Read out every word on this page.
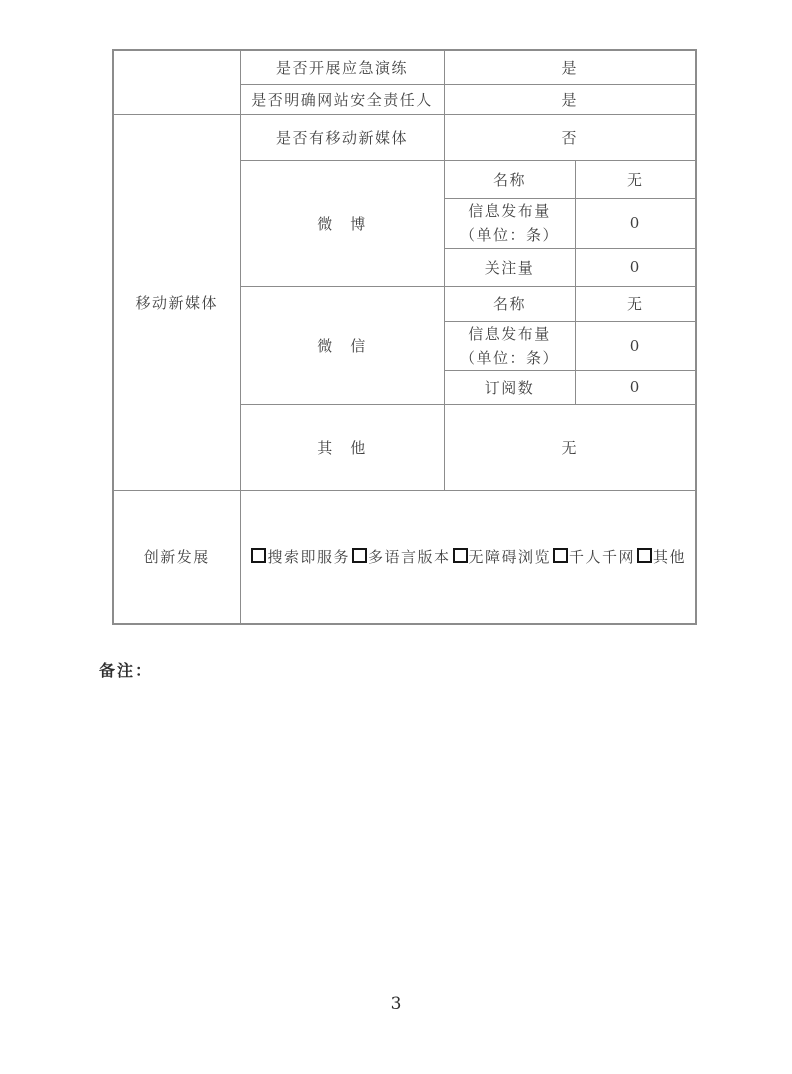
	是否开展应急演练	是	
	是否明确网站安全责任人	是	
移动新媒体	是否有移动新媒体	否	
	微　博	名称	无

		信息发布量
（单位：条）	0
		关注量	0
	微　信	名称	无

		信息发布量
（单位：条）	0
		订阅数	0
	其　他	无	
创新发展	搜索即服务 多语言版本 无障碍浏览 千人千网 其他		
备注：
3
